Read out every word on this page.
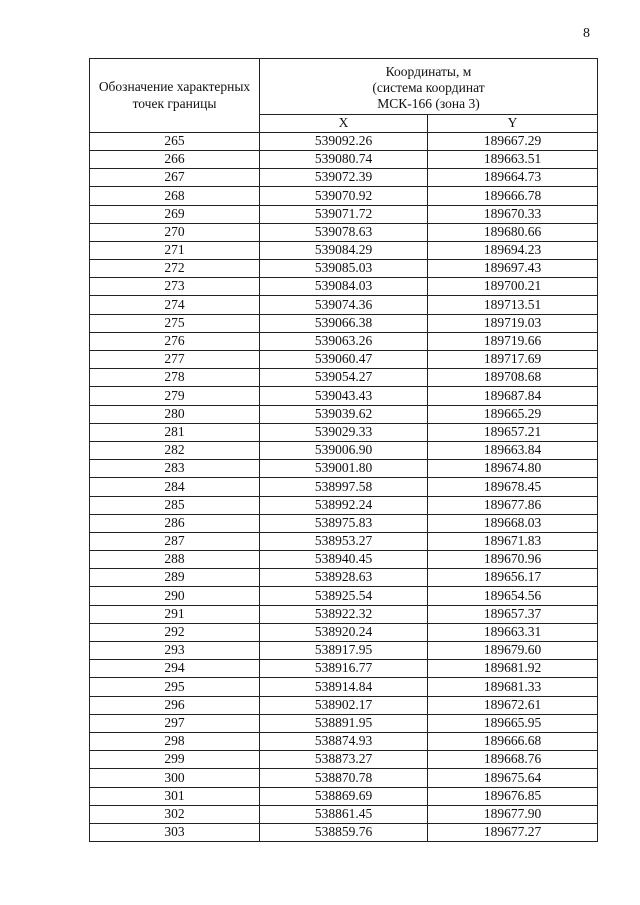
8
Обозначение характерных точек границы	Координаты, м
(система координат
МСК-166 (зона 3)	

	X	Y
265	539092.26	189667.29
266	539080.74	189663.51
267	539072.39	189664.73
268	539070.92	189666.78
269	539071.72	189670.33
270	539078.63	189680.66
271	539084.29	189694.23
272	539085.03	189697.43
273	539084.03	189700.21
274	539074.36	189713.51
275	539066.38	189719.03
276	539063.26	189719.66
277	539060.47	189717.69
278	539054.27	189708.68
279	539043.43	189687.84
280	539039.62	189665.29
281	539029.33	189657.21
282	539006.90	189663.84
283	539001.80	189674.80
284	538997.58	189678.45
285	538992.24	189677.86
286	538975.83	189668.03
287	538953.27	189671.83
288	538940.45	189670.96
289	538928.63	189656.17
290	538925.54	189654.56
291	538922.32	189657.37
292	538920.24	189663.31
293	538917.95	189679.60
294	538916.77	189681.92
295	538914.84	189681.33
296	538902.17	189672.61
297	538891.95	189665.95
298	538874.93	189666.68
299	538873.27	189668.76
300	538870.78	189675.64
301	538869.69	189676.85
302	538861.45	189677.90
303	538859.76	189677.27
